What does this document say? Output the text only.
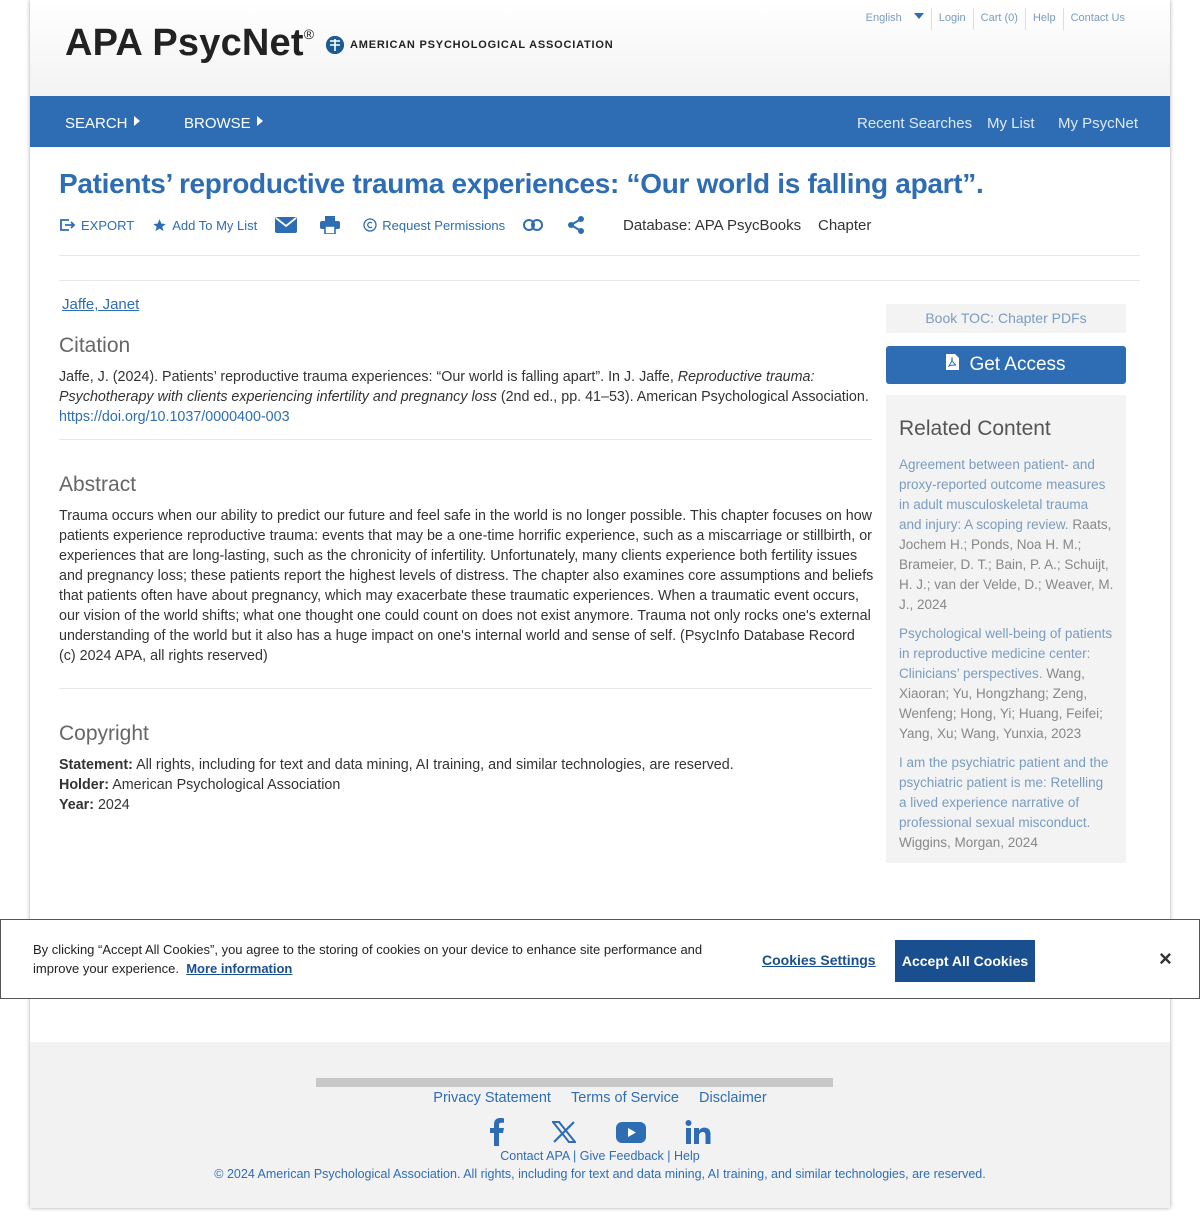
APA PsycNet®
AMERICAN PSYCHOLOGICAL ASSOCIATION
English	Login	Cart (0)	Help	Contact Us
SEARCH	BROWSE	Recent Searches My List My PsycNet
Patients’ reproductive trauma experiences: “Our world is falling apart”.
EXPORT	Add To My List	Request Permissions	Database: APA PsycBooks Chapter
Jaffe, Janet
Citation

Jaffe, J. (2024). Patients’ reproductive trauma experiences: “Our world is falling apart”. In J. Jaffe, Reproductive trauma: Psychotherapy with clients experiencing infertility and pregnancy loss (2nd ed., pp. 41–53). American Psychological Association. https://doi.org/10.1037/0000400-003

Abstract

Trauma occurs when our ability to predict our future and feel safe in the world is no longer possible. This chapter focuses on how patients experience reproductive trauma: events that may be a one-time horrific experience, such as a miscarriage or stillbirth, or experiences that are long-lasting, such as the chronicity of infertility. Unfortunately, many clients experience both fertility issues and pregnancy loss; these patients report the highest levels of distress. The chapter also examines core assumptions and beliefs that patients often have about pregnancy, which may exacerbate these traumatic experiences. When a traumatic event occurs, our vision of the world shifts; what one thought one could count on does not exist anymore. Trauma not only rocks one's external understanding of the world but it also has a huge impact on one's internal world and sense of self. (PsycInfo Database Record (c) 2024 APA, all rights reserved)

Copyright

Statement: All rights, including for text and data mining, AI training, and similar technologies, are reserved.

Holder: American Psychological Association

Year: 2024

Book TOC: Chapter PDFs
Get Access
Related Content
Agreement between patient- and proxy-reported outcome measures in adult musculoskeletal trauma and injury: A scoping review. Raats, Jochem H.; Ponds, Noa H. M.; Brameier, D. T.; Bain, P. A.; Schuijt, H. J.; van der Velde, D.; Weaver, M. J., 2024
Psychological well-being of patients in reproductive medicine center: Clinicians’ perspectives. Wang, Xiaoran; Yu, Hongzhang; Zeng, Wenfeng; Hong, Yi; Huang, Feifei; Yang, Xu; Wang, Yunxia, 2023
I am the psychiatric patient and the psychiatric patient is me: Retelling a lived experience narrative of professional sexual misconduct. Wiggins, Morgan, 2024
Privacy Statement Terms of Service Disclaimer
Contact APA | Give Feedback | Help
© 2024 American Psychological Association. All rights, including for text and data mining, AI training, and similar technologies, are reserved.

By clicking “Accept All Cookies”, you agree to the storing of cookies on your device to enhance site performance and improve your experience. More information

Cookies Settings	Accept All Cookies	×
